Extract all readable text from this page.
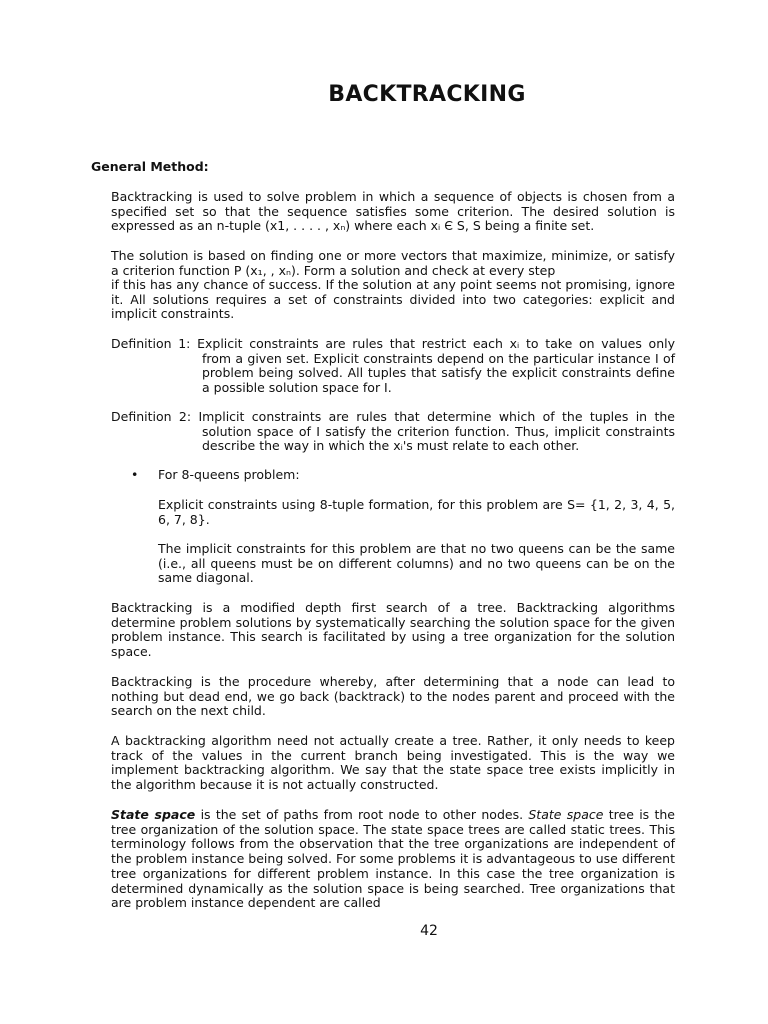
BACKTRACKING
General Method:

Backtracking is used to solve problem in which a sequence of objects is chosen from a specified set so that the sequence satisfies some criterion. The desired solution is expressed as an n-tuple (x1, . . . . , xₙ) where each xᵢ Є S, S being a finite set.

The solution is based on finding one or more vectors that maximize, minimize, or satisfy a criterion function P (x₁, , xₙ). Form a solution and check at every step

if this has any chance of success. If the solution at any point seems not promising, ignore it. All solutions requires a set of constraints divided into two categories: explicit and implicit constraints.

Definition 1: Explicit constraints are rules that restrict each xᵢ to take on values only
from a given set. Explicit constraints depend on the particular instance I of problem being solved. All tuples that satisfy the explicit constraints define a possible solution space for I.
Definition 2: Implicit constraints are rules that determine which of the tuples in the
solution space of I satisfy the criterion function. Thus, implicit constraints describe the way in which the xᵢ's must relate to each other.
• For 8-queens problem:

Explicit constraints using 8-tuple formation, for this problem are S= {1, 2, 3, 4, 5, 6, 7, 8}.

The implicit constraints for this problem are that no two queens can be the same (i.e., all queens must be on different columns) and no two queens can be on the same diagonal.

Backtracking is a modified depth first search of a tree. Backtracking algorithms determine problem solutions by systematically searching the solution space for the given problem instance. This search is facilitated by using a tree organization for the solution space.

Backtracking is the procedure whereby, after determining that a node can lead to nothing but dead end, we go back (backtrack) to the nodes parent and proceed with the search on the next child.

A backtracking algorithm need not actually create a tree. Rather, it only needs to keep track of the values in the current branch being investigated. This is the way we implement backtracking algorithm. We say that the state space tree exists implicitly in the algorithm because it is not actually constructed.

State space is the set of paths from root node to other nodes. State space tree is the tree organization of the solution space. The state space trees are called static trees. This terminology follows from the observation that the tree organizations are independent of the problem instance being solved. For some problems it is advantageous to use different tree organizations for different problem instance. In this case the tree organization is determined dynamically as the solution space is being searched. Tree organizations that are problem instance dependent are called

42
